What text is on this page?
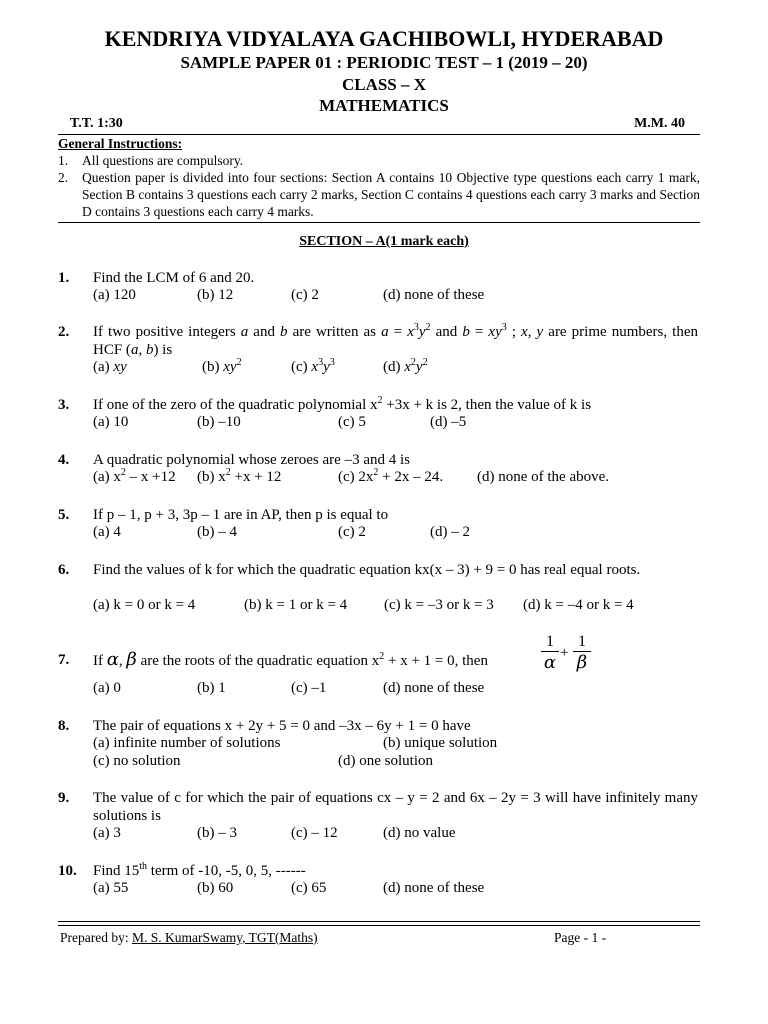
KENDRIYA VIDYALAYA GACHIBOWLI, HYDERABAD
SAMPLE PAPER 01 : PERIODIC TEST – 1 (2019 – 20)
CLASS – X
MATHEMATICS
T.T. 1:30	M.M. 40
General Instructions:
1. All questions are compulsory.
2. Question paper is divided into four sections: Section A contains 10 Objective type questions each carry 1 mark, Section B contains 3 questions each carry 2 marks, Section C contains 4 questions each carry 3 marks and Section D contains 3 questions each carry 4 marks.
SECTION – A(1 mark each)
1. Find the LCM of 6 and 20.
(a) 120	(b) 12	(c) 2	(d) none of these
2. If two positive integers a and b are written as $a = x^3y^2$ and $b = xy^3$ ; x, y are prime numbers, then HCF (a, b) is
(a) xy	(b) $xy^2$	(c) $x^3y^3$	(d) $x^2y^2$
3. If one of the zero of the quadratic polynomial $x^2 +3x + k$ is 2, then the value of k is
(a) 10	(b) –10	(c) 5	(d) –5
4. A quadratic polynomial whose zeroes are –3 and 4 is
(a) $x^2 - x +12$ (b) $x^2 +x + 12$	(c) $2x^2 + 2x - 24$. (d) none of the above.
5. If p – 1, p + 3, 3p – 1 are in AP, then p is equal to
(a) 4	(b) – 4	(c) 2	(d) – 2
6. Find the values of k for which the quadratic equation kx(x – 3) + 9 = 0 has real equal roots.
(a) k = 0 or k = 4	(b) k = 1 or k = 4 (c) k = –3 or k = 3 (d) k = –4 or k = 4
7. If α, β are the roots of the quadratic equation $x^2 + x + 1 = 0$, then	$\frac{1}{\alpha} + \frac{1}{\beta}$
(a) 0	(b) 1	(c) –1	(d) none of these
8. The pair of equations x + 2y + 5 = 0 and –3x – 6y + 1 = 0 have
(a) infinite number of solutions	(b) unique solution
(c) no solution	(d) one solution
9. The value of c for which the pair of equations cx – y = 2 and 6x – 2y = 3 will have infinitely many solutions is
(a) 3	(b) – 3	(c) – 12	(d) no value
10. Find 15th term of -10, -5, 0, 5, ------
(a) 55	(b) 60	(c) 65	(d) none of these
Prepared by: M. S. KumarSwamy, TGT(Maths)	Page - 1 -
